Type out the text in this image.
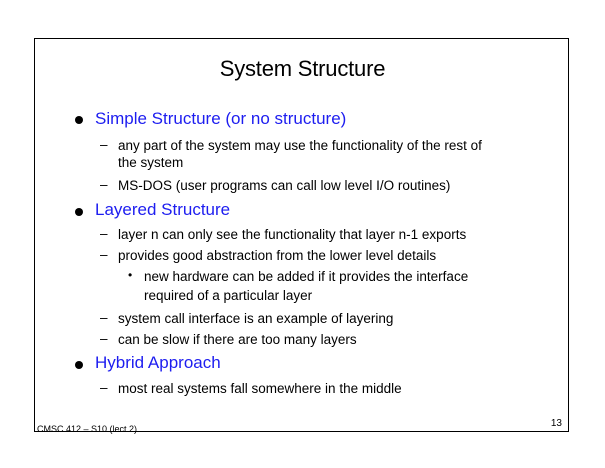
System Structure
Simple Structure (or no structure)
– any part of the system may use the functionality of the rest of
the system
– MS-DOS (user programs can call low level I/O routines)
Layered Structure
– layer n can only see the functionality that layer n-1 exports
– provides good abstraction from the lower level details
• new hardware can be added if it provides the interface
required of a particular layer
– system call interface is an example of layering
– can be slow if there are too many layers
Hybrid Approach
– most real systems fall somewhere in the middle
CMSC 412 – S10 (lect 2)	13
